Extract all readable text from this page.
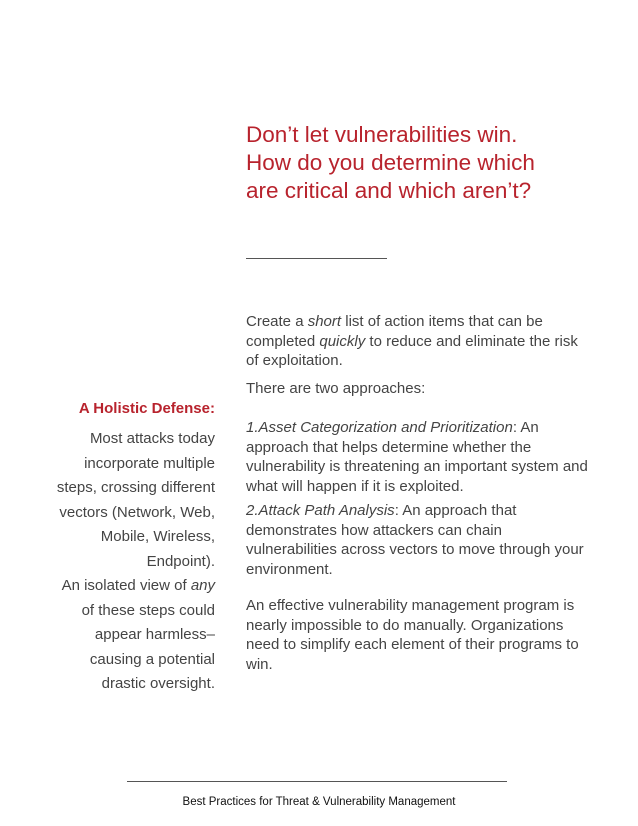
Don’t let vulnerabilities win.
How do you determine which
are critical and which aren’t?

Create a short list of action items that can be completed quickly to reduce and eliminate the risk of exploitation.

There are two approaches:

1.Asset Categorization and Prioritization: An approach that helps determine whether the vulnerability is threatening an important system and what will happen if it is exploited.

2.Attack Path Analysis: An approach that demonstrates how attackers can chain vulnerabilities across vectors to move through your environment.

An effective vulnerability management program is nearly impossible to do manually. Organizations need to simplify each element of their programs to win.

A Holistic Defense:

Most attacks today
incorporate multiple
steps, crossing different
vectors (Network, Web,
Mobile, Wireless,
Endpoint).
An isolated view of any
of these steps could
appear harmless–
causing a potential
drastic oversight.

Best Practices for Threat & Vulnerability Management
